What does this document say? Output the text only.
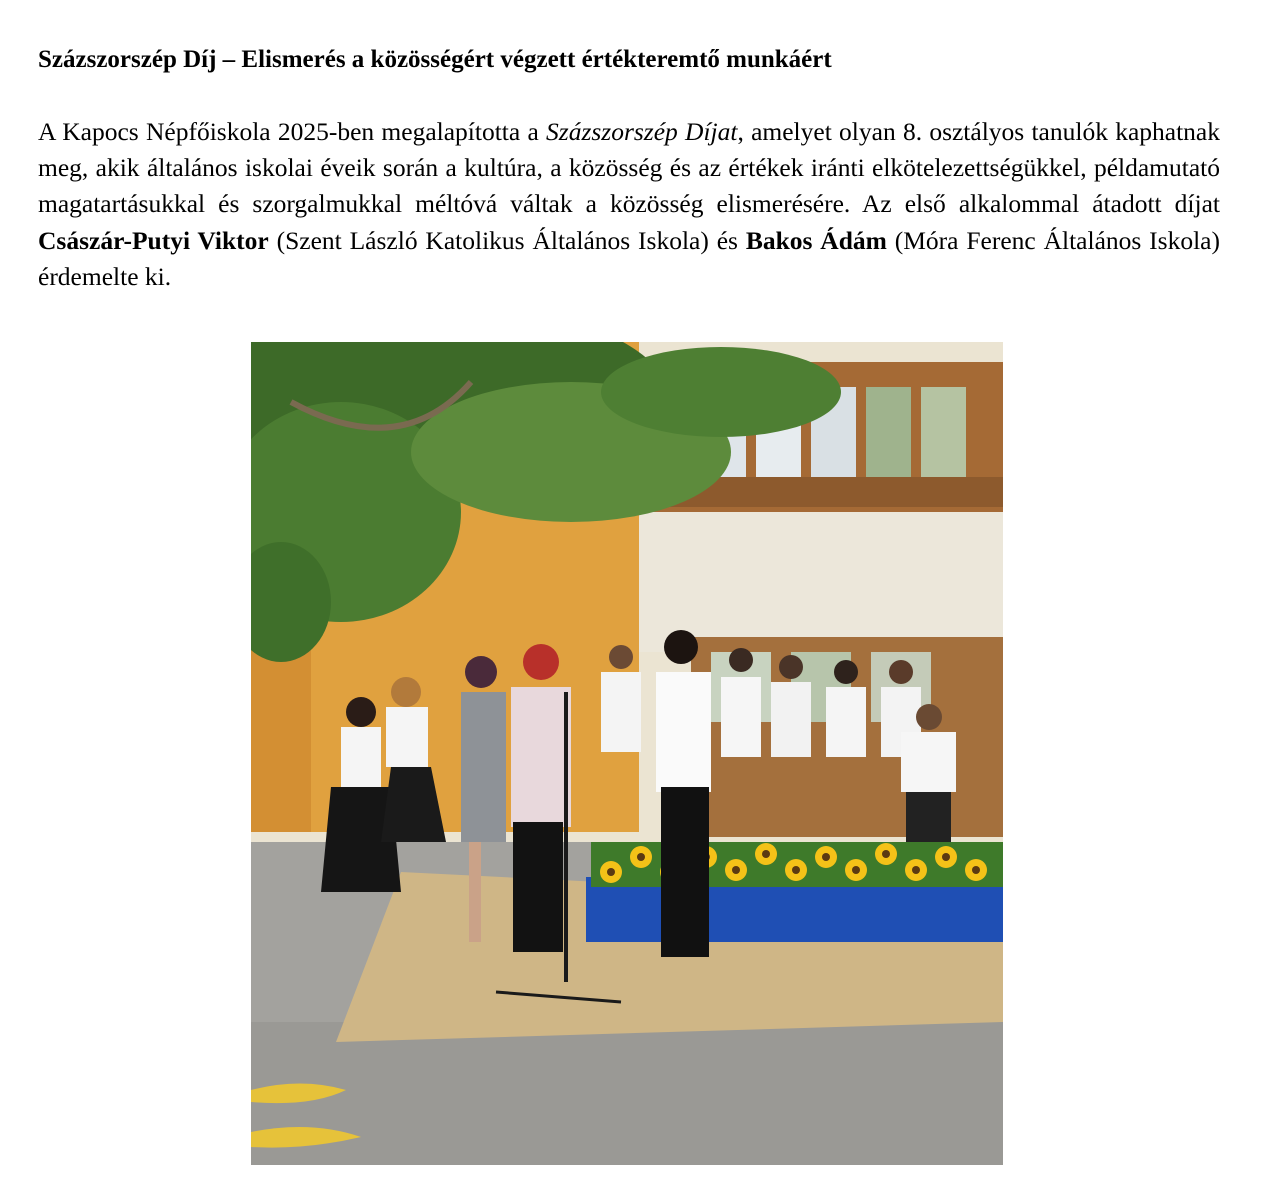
Százszorszép Díj – Elismerés a közösségért végzett értékteremtő munkáért

A Kapocs Népfőiskola 2025-ben megalapította a Százszorszép Díjat, amelyet olyan 8. osztályos tanulók kaphatnak meg, akik általános iskolai éveik során a kultúra, a közösség és az értékek iránti elkötelezettségükkel, példamutató magatartásukkal és szorgalmukkal méltóvá váltak a közösség elismerésére. Az első alkalommal átadott díjat Császár-Putyi Viktor (Szent László Katolikus Általános Iskola) és Bakos Ádám (Móra Ferenc Általános Iskola) érdemelte ki.
